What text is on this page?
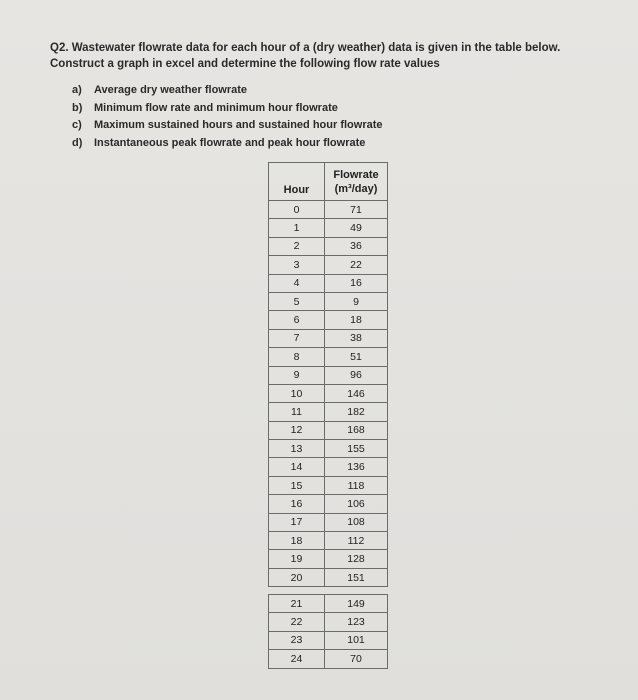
Q2. Wastewater flowrate data for each hour of a (dry weather) data is given in the table below.

Construct a graph in excel and determine the following flow rate values

a)	Average dry weather flowrate
b)	Minimum flow rate and minimum hour flowrate
c)	Maximum sustained hours and sustained hour flowrate
d)	Instantaneous peak flowrate and peak hour flowrate
Hour	Flowrate
(m³/day)

0	71
1	49
2	36
3	22
4	16
5	9
6	18
7	38
8	51
9	96
10	146
11	182
12	168
13	155
14	136
15	118
16	106
17	108
18	112
19	128
20	151
21	149
22	123
23	101
24	70
